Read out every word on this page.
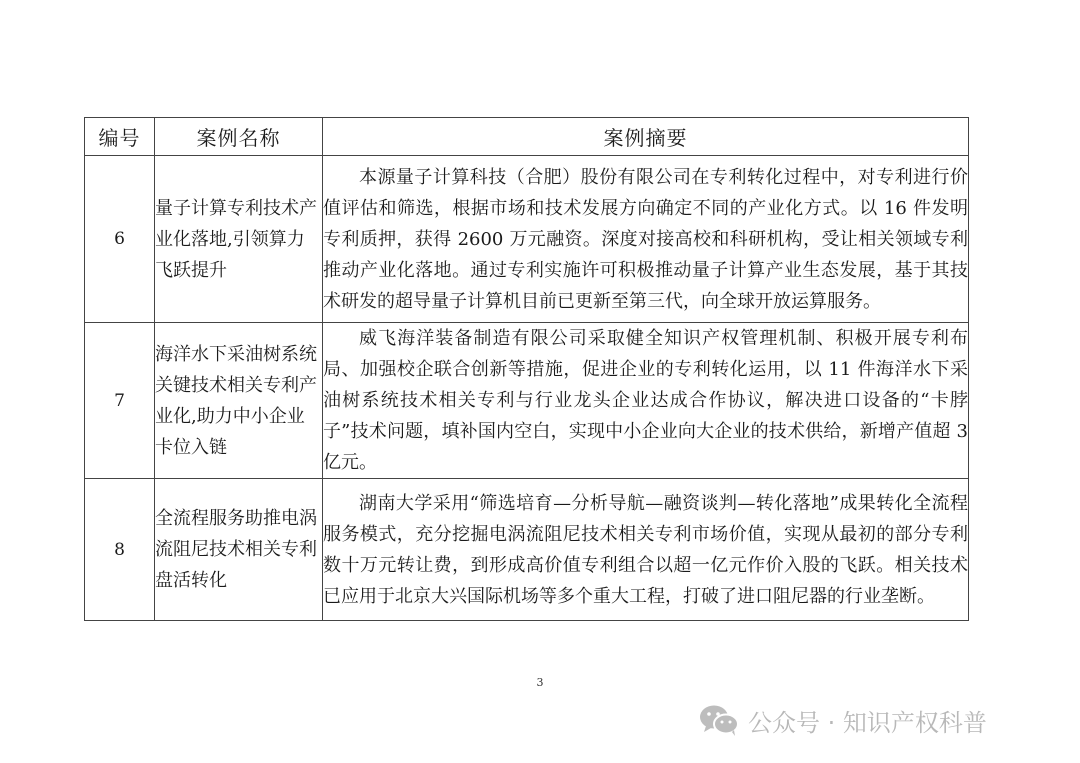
编号	案例名称	案例摘要
6	量子计算专利技术产业化落地,引领算力飞跃提升	本源量子计算科技（合肥）股份有限公司在专利转化过程中，对专利进行价值评估和筛选，根据市场和技术发展方向确定不同的产业化方式。以 16 件发明专利质押，获得 2600 万元融资。深度对接高校和科研机构，受让相关领域专利推动产业化落地。通过专利实施许可积极推动量子计算产业生态发展，基于其技术研发的超导量子计算机目前已更新至第三代，向全球开放运算服务。

7	海洋水下采油树系统关键技术相关专利产业化,助力中小企业卡位入链	威飞海洋装备制造有限公司采取健全知识产权管理机制、积极开展专利布局、加强校企联合创新等措施，促进企业的专利转化运用，以 11 件海洋水下采油树系统技术相关专利与行业龙头企业达成合作协议，解决进口设备的“卡脖子”技术问题，填补国内空白，实现中小企业向大企业的技术供给，新增产值超 3 亿元。

8	全流程服务助推电涡流阻尼技术相关专利盘活转化	湖南大学采用“筛选培育—分析导航—融资谈判—转化落地”成果转化全流程服务模式，充分挖掘电涡流阻尼技术相关专利市场价值，实现从最初的部分专利数十万元转让费，到形成高价值专利组合以超一亿元作价入股的飞跃。相关技术已应用于北京大兴国际机场等多个重大工程，打破了进口阻尼器的行业垄断。

3
公众号 · 知识产权科普
